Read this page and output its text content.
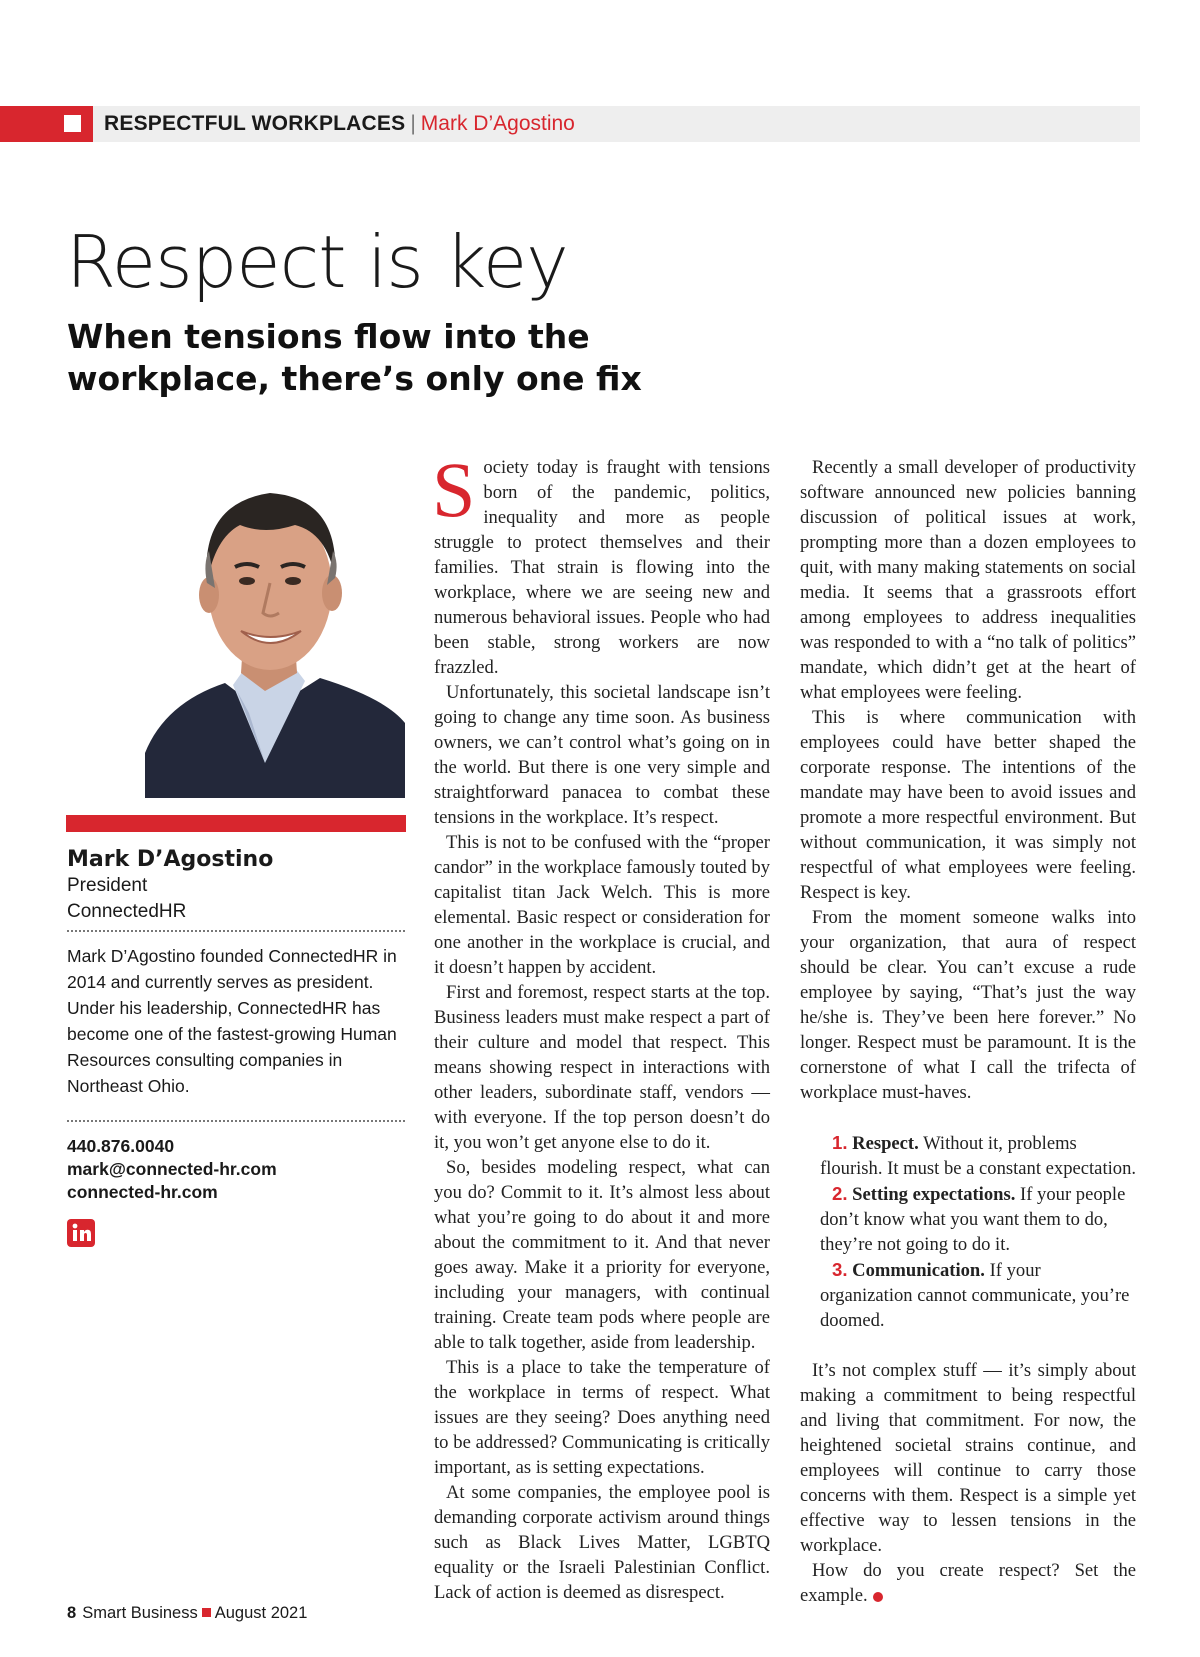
RESPECTFUL WORKPLACES | Mark D’Agostino
Respect is key
When tensions flow into the workplace, there’s only one fix
Mark D’Agostino
President
ConnectedHR

Mark D’Agostino founded ConnectedHR in 2014 and currently serves as president. Under his leadership, ConnectedHR has become one of the fastest-growing Human Resources consulting companies in Northeast Ohio.

440.876.0040
mark@connected-hr.com
connected-hr.com
S ociety today is fraught with tensions born of the pandemic, politics, inequality and more as people struggle to protect themselves and their families. That strain is flowing into the workplace, where we are seeing new and numerous behavioral issues. People who had been stable, strong workers are now frazzled.

Unfortunately, this societal landscape isn’t going to change any time soon. As business owners, we can’t control what’s going on in the world. But there is one very simple and straightforward panacea to combat these tensions in the workplace. It’s respect.

This is not to be confused with the “proper candor” in the workplace famously touted by capitalist titan Jack Welch. This is more elemental. Basic respect or consideration for one another in the workplace is crucial, and it doesn’t happen by accident.

First and foremost, respect starts at the top. Business leaders must make respect a part of their culture and model that respect. This means showing respect in interactions with other leaders, subordinate staff, vendors — with everyone. If the top person doesn’t do it, you won’t get anyone else to do it.

So, besides modeling respect, what can you do? Commit to it. It’s almost less about what you’re going to do about it and more about the commitment to it. And that never goes away. Make it a priority for everyone, including your managers, with continual training. Create team pods where people are able to talk together, aside from leadership.

This is a place to take the temperature of the workplace in terms of respect. What issues are they seeing? Does anything need to be addressed? Communicating is critically important, as is setting expectations.

At some companies, the employee pool is demanding corporate activism around things such as Black Lives Matter, LGBTQ equality or the Israeli Palestinian Conflict. Lack of action is deemed as disrespect.

Recently a small developer of productivity software announced new policies banning discussion of political issues at work, prompting more than a dozen employees to quit, with many making statements on social media. It seems that a grassroots effort among employees to address inequalities was responded to with a “no talk of politics” mandate, which didn’t get at the heart of what employees were feeling.

This is where communication with employees could have better shaped the corporate response. The intentions of the mandate may have been to avoid issues and promote a more respectful environment. But without communication, it was simply not respectful of what employees were feeling. Respect is key.

From the moment someone walks into your organization, that aura of respect should be clear. You can’t excuse a rude employee by saying, “That’s just the way he/she is. They’ve been here forever.” No longer. Respect must be paramount. It is the cornerstone of what I call the trifecta of workplace must-haves.

1. Respect. Without it, problems flourish. It must be a constant expectation.

2. Setting expectations. If your people don’t know what you want them to do, they’re not going to do it.

3. Communication. If your organization cannot communicate, you’re doomed.

It’s not complex stuff — it’s simply about making a commitment to being respectful and living that commitment. For now, the heightened societal strains continue, and employees will continue to carry those concerns with them. Respect is a simple yet effective way to lessen tensions in the workplace.

How do you create respect? Set the example.

8 Smart Business August 2021
